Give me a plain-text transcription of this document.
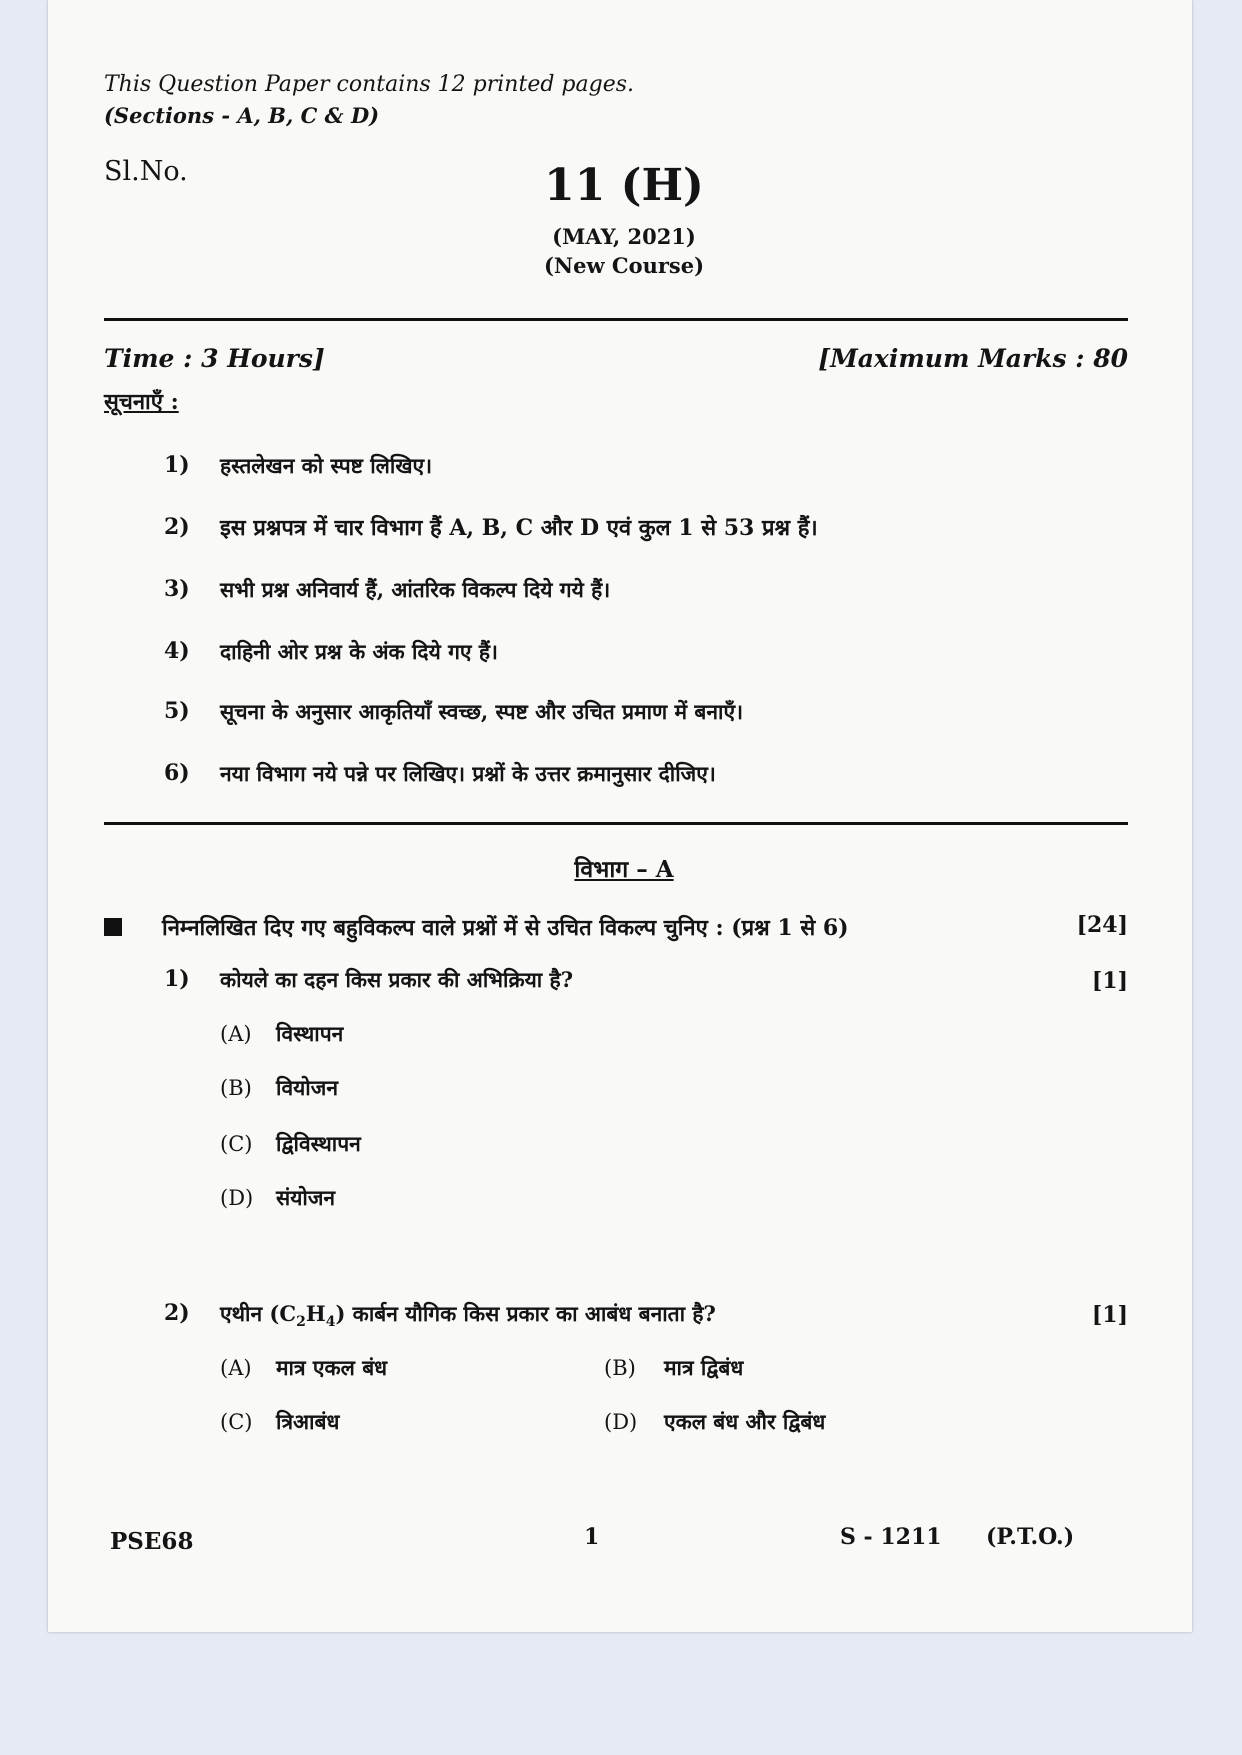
This Question Paper contains 12 printed pages.
(Sections - A, B, C & D)
Sl.No.	11 (H)
(MAY, 2021)
(New Course)
Time : 3 Hours]	[Maximum Marks : 80
सूचनाएँ :
1) हस्तलेखन को स्पष्ट लिखिए।
2) इस प्रश्नपत्र में चार विभाग हैं A, B, C और D एवं कुल 1 से 53 प्रश्न हैं।
3) सभी प्रश्न अनिवार्य हैं, आंतरिक विकल्प दिये गये हैं।
4) दाहिनी ओर प्रश्न के अंक दिये गए हैं।
5) सूचना के अनुसार आकृतियाँ स्वच्छ, स्पष्ट और उचित प्रमाण में बनाएँ।
6) नया विभाग नये पन्ने पर लिखिए। प्रश्नों के उत्तर क्रमानुसार दीजिए।
विभाग – A
निम्नलिखित दिए गए बहुविकल्प वाले प्रश्नों में से उचित विकल्प चुनिए : (प्रश्न 1 से 6)	[24]
1) कोयले का दहन किस प्रकार की अभिक्रिया है?	[1]
(A) विस्थापन
(B) वियोजन
(C) द्विविस्थापन
(D) संयोजन
2) एथीन $(C_2H_4)$ कार्बन यौगिक किस प्रकार का आबंध बनाता है?	[1]
(A) मात्र एकल बंध	(B) मात्र द्विबंध
(C) त्रिआबंध	(D) एकल बंध और द्विबंध
PSE68	1	S - 1211 (P.T.O.)
